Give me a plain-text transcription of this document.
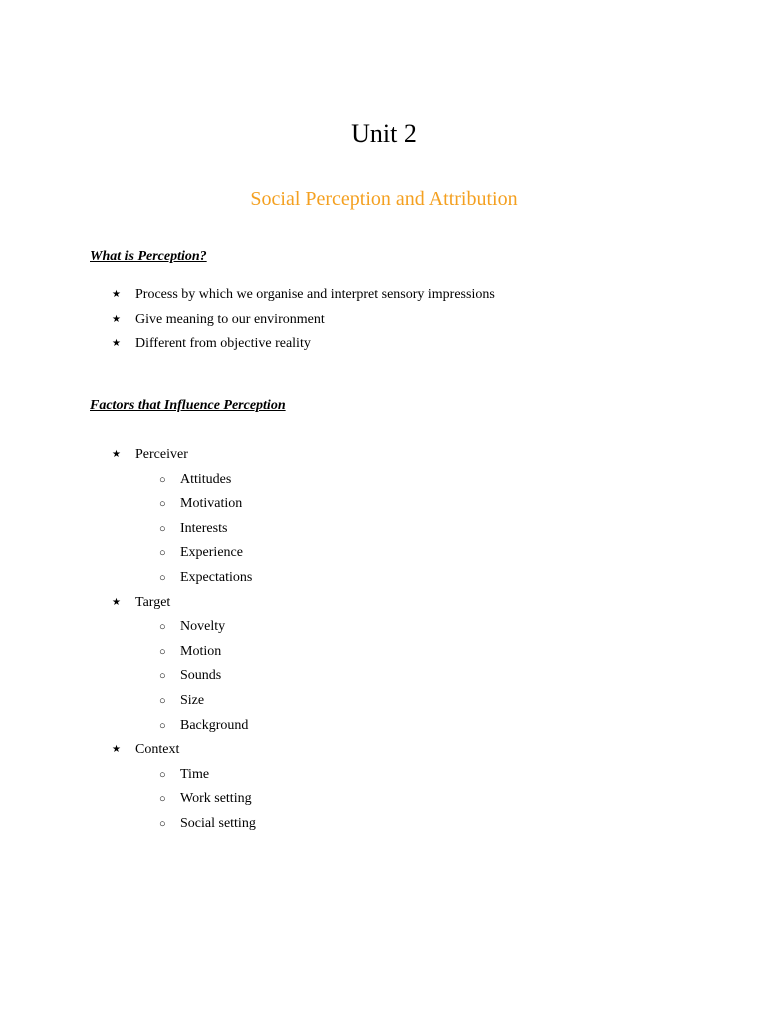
Unit 2
Social Perception and Attribution

What is Perception?

★ Process by which we organise and interpret sensory impressions
★ Give meaning to our environment
★ Different from objective reality

Factors that Influence Perception

★ Perceiver
○ Attitudes
○ Motivation
○ Interests
○ Experience
○ Expectations
★ Target
○ Novelty
○ Motion
○ Sounds
○ Size
○ Background
★ Context
○ Time
○ Work setting
○ Social setting
